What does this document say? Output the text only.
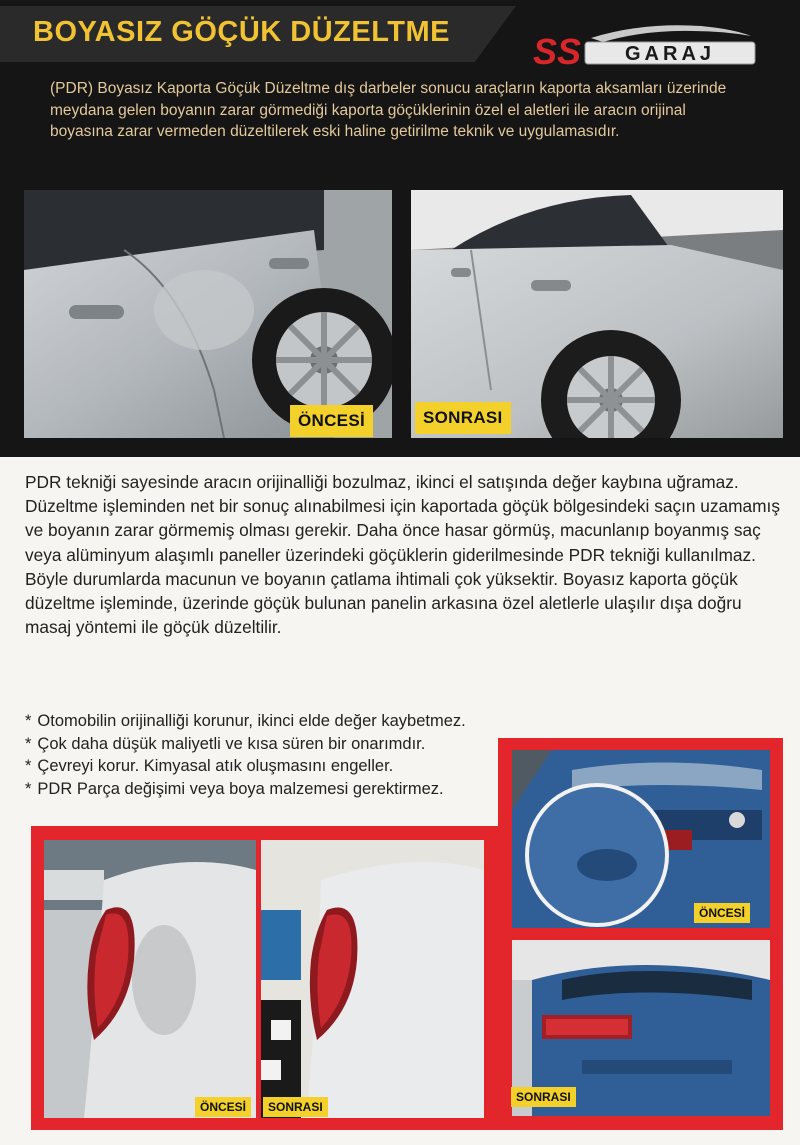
BOYASIZ GÖÇÜK DÜZELTME SS GARAJ

(PDR) Boyasız Kaporta Göçük Düzeltme dış darbeler sonucu araçların kaporta aksamları üzerinde meydana gelen boyanın zarar görmediği kaporta göçüklerinin özel el aletleri ile aracın orijinal boyasına zarar vermeden düzeltilerek eski haline getirilme teknik ve uygulamasıdır.

ÖNCESİ	SONRASI

PDR tekniği sayesinde aracın orijinalliği bozulmaz, ikinci el satışında değer kaybına uğramaz. Düzeltme işleminden net bir sonuç alınabilmesi için kaportada göçük bölgesindeki saçın uzamamış ve boyanın zarar görmemiş olması gerekir. Daha önce hasar görmüş, macunlanıp boyanmış saç veya alüminyum alaşımlı paneller üzerindeki göçüklerin giderilmesinde PDR tekniği kullanılmaz. Böyle durumlarda macunun ve boyanın çatlama ihtimali çok yüksektir. Boyasız kaporta göçük düzeltme işleminde, üzerinde göçük bulunan panelin arkasına özel aletlerle ulaşılır dışa doğru masaj yöntemi ile göçük düzeltilir.

* Otomobilin orijinalliği korunur, ikinci elde değer kaybetmez.
* Çok daha düşük maliyetli ve kısa süren bir onarımdır.
* Çevreyi korur. Kimyasal atık oluşmasını engeller.
* PDR Parça değişimi veya boya malzemesi gerektirmez.
ÖNCESİ	SONRASI
ÖNCESİ
SONRASI
